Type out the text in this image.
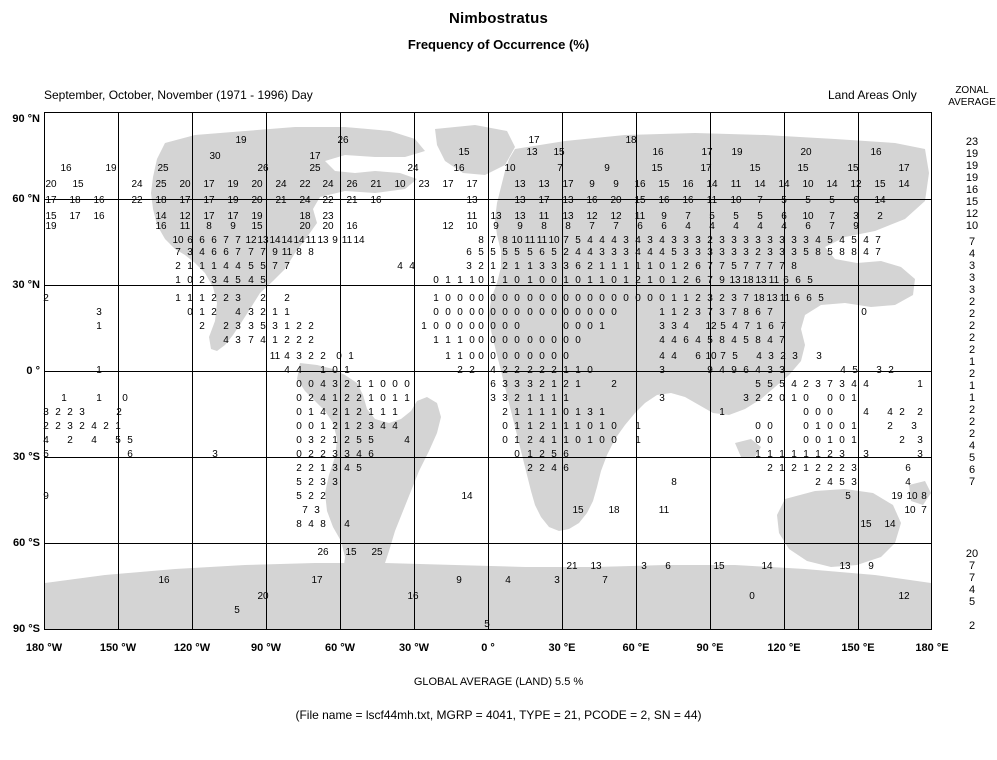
Nimbostratus
Frequency of Occurrence (%)
September, October, November (1971 - 1996) Day	Land Areas Only	ZONAL
AVERAGE
90 °N
60 °N
30 °N
0 °
30 °S
60 °S
90 °S
180 °W	150 °W	120 °W	90 °W	60 °W	30 °W	0 °	30 °E	60 °E	90 °E	120 °E	150 °E	180 °E
GLOBAL AVERAGE (LAND) 5.5 %
(File name = lscf44mh.txt, MGRP = 4041, TYPE = 21, PCODE = 2, SN = 44)
19	26	17	18
30	17	15	13 15	16	17 19	20	16
16	19	25	26	25	24	16	10	7	9	15	17	15	15	15	17
20 15	24 25 20 17 19 20 24 22 24 26 21 10 23 17 17	13 13 17	9	9	16 15 16 14 11 14 14 10 14 12 15 14
17 18 16	22 18 17 17 19 20 21 24 22 21 16	13	13 17 13 16 20 15 16 16 11 10	7	5	5	5	6	14
15 17 16	14 12 17 17 19	18 23	11 13 13 11 13 12 12 11	9	7	5	5	5	6	10	7	3	2
19	16 11	8	9	15	20 20 16	12 10	9	9	8	8	7	7	6	6	4	4	4	4	4	6	7	9
10 6 6 6 7 7 12 13 14 14 14 11 13 9 11 14	8 7 8 10 11 11 10 7 5 4 4 4 3 4 3 4 3 3 3 2 3 3 3 3 3 3 3 3 4 5 4 5 4 7
7 3 4 6 6 7 7 7 9 11 8 8	6 5 5 5 5 5 6 5 2 4 4 3 3 3 4 4 4 5 3 3 3 3 3 3 2 3 3 3 5 8 5 8 8 4 7
2 1 1 1 4 4 5 5 7 7	4 4	3 2 1 2 1 1 3 3 3 6 2 1 1 1 1 1 0 1 2 6 7 7 5 7 7 7 7 8
1 0 2 3 4 5 4 5	0 1 1 1 0 1 1 0 1 0 0 1 0 1 1 0 1 2 1 0 1 2 6 7 9 13 18 13 11 6 6 5
2	1 1 1 2 2 3	2	2	1 0 0 0 0 0 0 0 0 0 0 0 0 0 0 0 0 0 0 0 1 1 2 3 2 3 7 18 13 11 6 6 5
3	0 1 2	4 3 2 1 1	0 0 0 0 0 0 0 0 0 0 0 0 0 0 0 0	1 1 2 3 7 3 7 8 6 7	0
1	2	2 3 3 5 3 1 2 2	1 0 0 0 0 0 0 0 0	0 0 0 1	3 3 4	12 5 4 7 1 6 7
4 3 7 4 1 2 2 2	1 1 1 0 0 0 0 0 0 0 0 0 0	4 4 6 4 5 8 4 5 8 4 7
11 4 3 2 2	0 1	1 1 0 0 0 0 0 0 0 0 0	4 4	6 10 7 5	4 3 2 3	3
1	4 4	1 0 1	2 2	4 2 2 2 2 2 1 1 0	3	9 4 9 6 4 3 3	4 5	3 2
0 0 4 3 2 1 1 0 0 0	6 3 3 3 2 1 2 1	2	5 5 5 4 2 3 7 3 4 4	1
1	1	0	0 2 4 1 2 2 1 0 1 1	3 3 2 1 1 1 1	3	3 2 2 0 1 0	0 0 1
3 2 2 3	2	0 1 4 2 1 2 1 1 1	2 1 1 1 1 0 1 3 1	1	0 0 0	4	4 2	2
2 2 3 2 4 2 1	0 0 1 2 1 2 3 4 4	0 1 1 2 1 1 1 0 1 0	1	0 0	0 1 0 0 1	2	3
4	2	4	5 5	0 3 2 1 2 5 5	4	0 1 2 4 1 1 0 1 0 0	1	0 0	0 0 1 0 1	2	3
5	6	3	0 2 2 3 3 4 6	0 1 2 5 6	1 1 1 1 1 1 2 3	3	3
2 2 1 3 4 5	2 2 4 6	2 1 2 1 2 2 2 3	6
5 2 3 3	8	2 4 5 3	4
9	5 2 2	14	5	19 10 8
7 3	15 18	11	10 7
8 4 8	4	15 14
26 15 25
21 13	3	6	15	14	13	9
16	17	9	4	3	7
20	16	0	12
5
5
23
19
19
19
16
15
12
10
7
4
3
3
3
2
2
2
2
2
1
2
1
1
2
2
2
4
5
6
7
20
7
7
4
5
2
